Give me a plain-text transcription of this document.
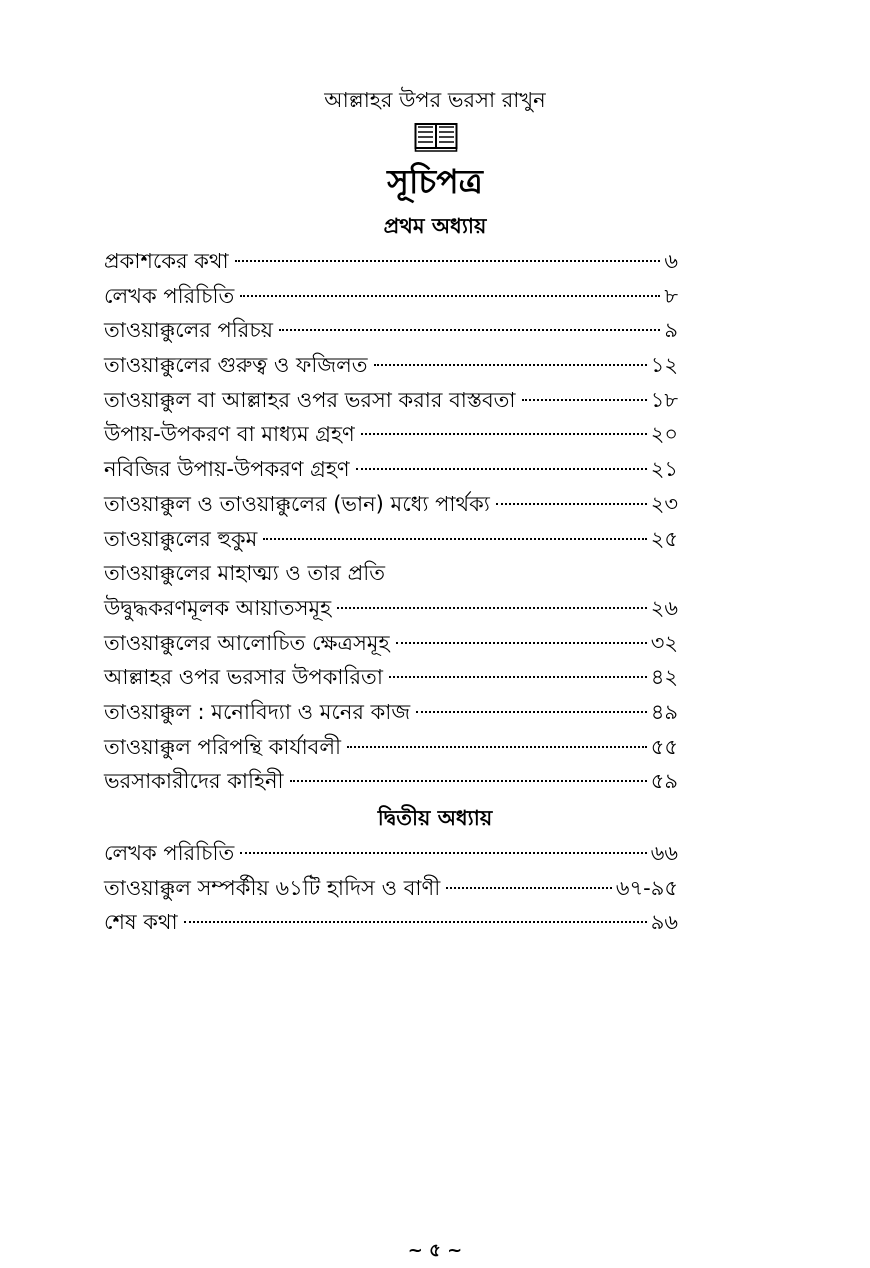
আল্লাহর উপর ভরসা রাখুন
সূচিপত্র
প্রথম অধ্যায়
প্রকাশকের কথা	৬
লেখক পরিচিতি	৮
তাওয়াক্কুলের পরিচয়	৯
তাওয়াক্কুলের গুরুত্ব ও ফজিলত	১২
তাওয়াক্কুল বা আল্লাহর ওপর ভরসা করার বাস্তবতা	১৮
উপায়-উপকরণ বা মাধ্যম গ্রহণ	২০
নবিজির উপায়-উপকরণ গ্রহণ	২১
তাওয়াক্কুল ও তাওয়াক্কুলের (ভান) মধ্যে পার্থক্য	২৩
তাওয়াক্কুলের হুকুম	২৫
তাওয়াক্কুলের মাহাত্ম্য ও তার প্রতি
উদ্বুদ্ধকরণমূলক আয়াতসমূহ	২৬
তাওয়াক্কুলের আলোচিত ক্ষেত্রসমূহ	৩২
আল্লাহর ওপর ভরসার উপকারিতা	৪২
তাওয়াক্কুল : মনোবিদ্যা ও মনের কাজ	৪৯
তাওয়াক্কুল পরিপন্থি কার্যাবলী	৫৫
ভরসাকারীদের কাহিনী	৫৯
দ্বিতীয় অধ্যায়
লেখক পরিচিতি	৬৬
তাওয়াক্কুল সম্পর্কীয় ৬১টি হাদিস ও বাণী	৬৭-৯৫
শেষ কথা	৯৬
~ ৫ ~
